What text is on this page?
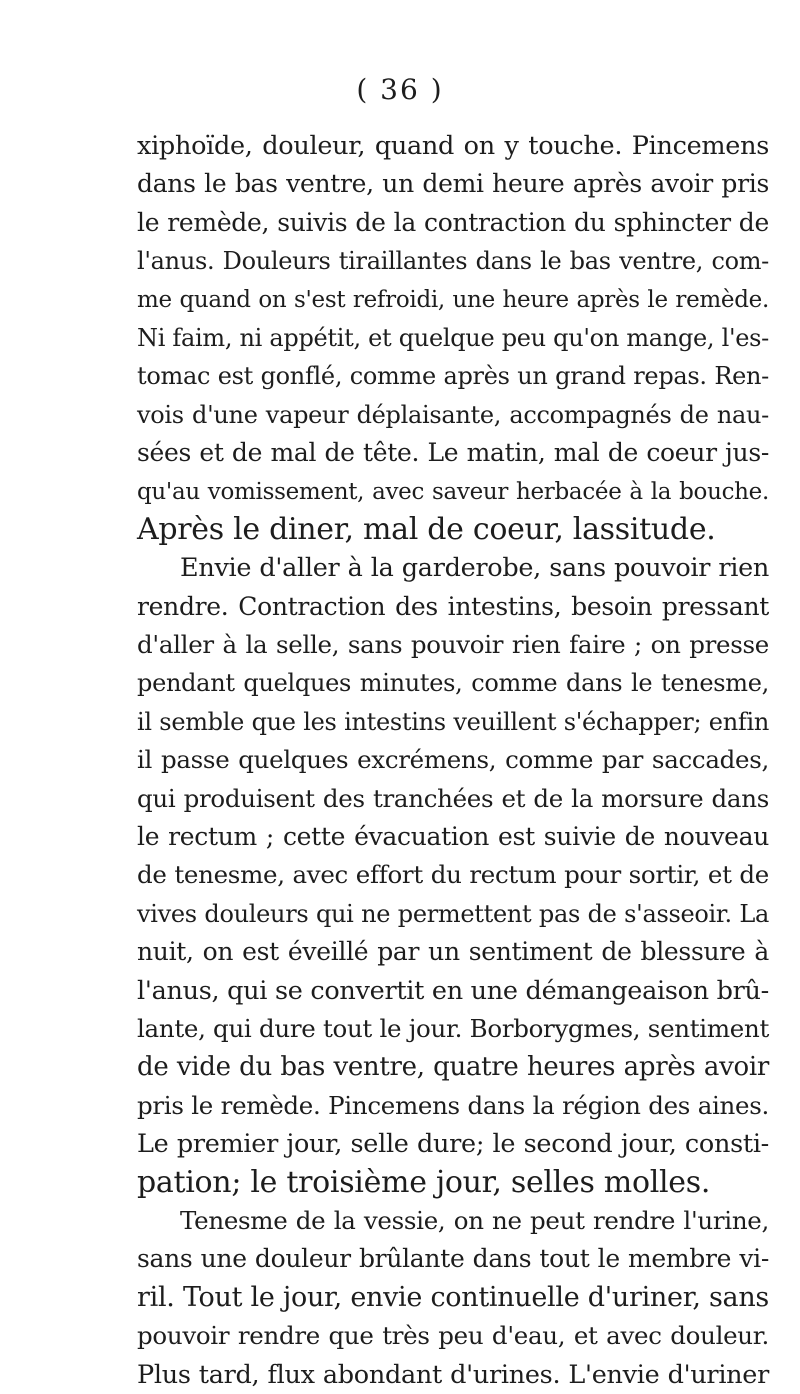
( 36 )
xiphoïde, douleur, quand on y touche. Pincemens
dans le bas ventre, un demi heure après avoir pris
le remède, suivis de la contraction du sphincter de
l'anus. Douleurs tiraillantes dans le bas ventre, com-
me quand on s'est refroidi, une heure après le remède.
Ni faim, ni appétit, et quelque peu qu'on mange, l'es-
tomac est gonflé, comme après un grand repas. Ren-
vois d'une vapeur déplaisante, accompagnés de nau-
sées et de mal de tête. Le matin, mal de coeur jus-
qu'au vomissement, avec saveur herbacée à la bouche.
Après le diner, mal de coeur, lassitude.
Envie d'aller à la garderobe, sans pouvoir rien
rendre. Contraction des intestins, besoin pressant
d'aller à la selle, sans pouvoir rien faire ; on presse
pendant quelques minutes, comme dans le tenesme,
il semble que les intestins veuillent s'échapper; enfin
il passe quelques excrémens, comme par saccades,
qui produisent des tranchées et de la morsure dans
le rectum ; cette évacuation est suivie de nouveau
de tenesme, avec effort du rectum pour sortir, et de
vives douleurs qui ne permettent pas de s'asseoir. La
nuit, on est éveillé par un sentiment de blessure à
l'anus, qui se convertit en une démangeaison brû-
lante, qui dure tout le jour. Borborygmes, sentiment
de vide du bas ventre, quatre heures après avoir
pris le remède. Pincemens dans la région des aines.
Le premier jour, selle dure; le second jour, consti-
pation; le troisième jour, selles molles.
Tenesme de la vessie, on ne peut rendre l'urine,
sans une douleur brûlante dans tout le membre vi-
ril. Tout le jour, envie continuelle d'uriner, sans
pouvoir rendre que très peu d'eau, et avec douleur.
Plus tard, flux abondant d'urines. L'envie d'uriner
